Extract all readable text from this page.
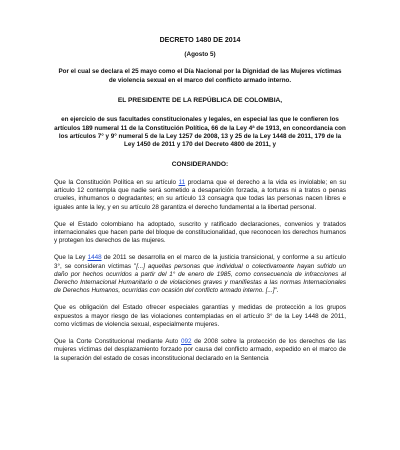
DECRETO 1480 DE 2014
(Agosto 5)
Por el cual se declara el 25 mayo como el Día Nacional por la Dignidad de las Mujeres víctimas de violencia sexual en el marco del conflicto armado interno.
EL PRESIDENTE DE LA REPÚBLICA DE COLOMBIA,
en ejercicio de sus facultades constitucionales y legales, en especial las que le confieren los artículos 189 numeral 11 de la Constitución Política, 66 de la Ley 4ª de 1913, en concordancia con los artículos 7° y 9° numeral 5 de la Ley 1257 de 2008, 13 y 25 de la Ley 1448 de 2011, 179 de la Ley 1450 de 2011 y 170 del Decreto 4800 de 2011, y
CONSIDERANDO:

Que la Constitución Política en su artículo 11 proclama que el derecho a la vida es inviolable; en su artículo 12 contempla que nadie será sometido a desaparición forzada, a torturas ni a tratos o penas crueles, inhumanos o degradantes; en su artículo 13 consagra que todas las personas nacen libres e iguales ante la ley, y en su artículo 28 garantiza el derecho fundamental a la libertad personal.

Que el Estado colombiano ha adoptado, suscrito y ratificado declaraciones, convenios y tratados internacionales que hacen parte del bloque de constitucionalidad, que reconocen los derechos humanos y protegen los derechos de las mujeres.

Que la Ley 1448 de 2011 se desarrolla en el marco de la justicia transicional, y conforme a su artículo 3°, se consideran víctimas "[...] aquellas personas que individual o colectivamente hayan sufrido un daño por hechos ocurridos a partir del 1° de enero de 1985, como consecuencia de infracciones al Derecho Internacional Humanitario o de violaciones graves y manifiestas a las normas Internacionales de Derechos Humanos, ocurridas con ocasión del conflicto armado interno. [...]".

Que es obligación del Estado ofrecer especiales garantías y medidas de protección a los grupos expuestos a mayor riesgo de las violaciones contempladas en el artículo 3° de la Ley 1448 de 2011, como víctimas de violencia sexual, especialmente mujeres.

Que la Corte Constitucional mediante Auto 092 de 2008 sobre la protección de los derechos de las mujeres víctimas del desplazamiento forzado por causa del conflicto armado, expedido en el marco de la superación del estado de cosas inconstitucional declarado en la Sentencia
